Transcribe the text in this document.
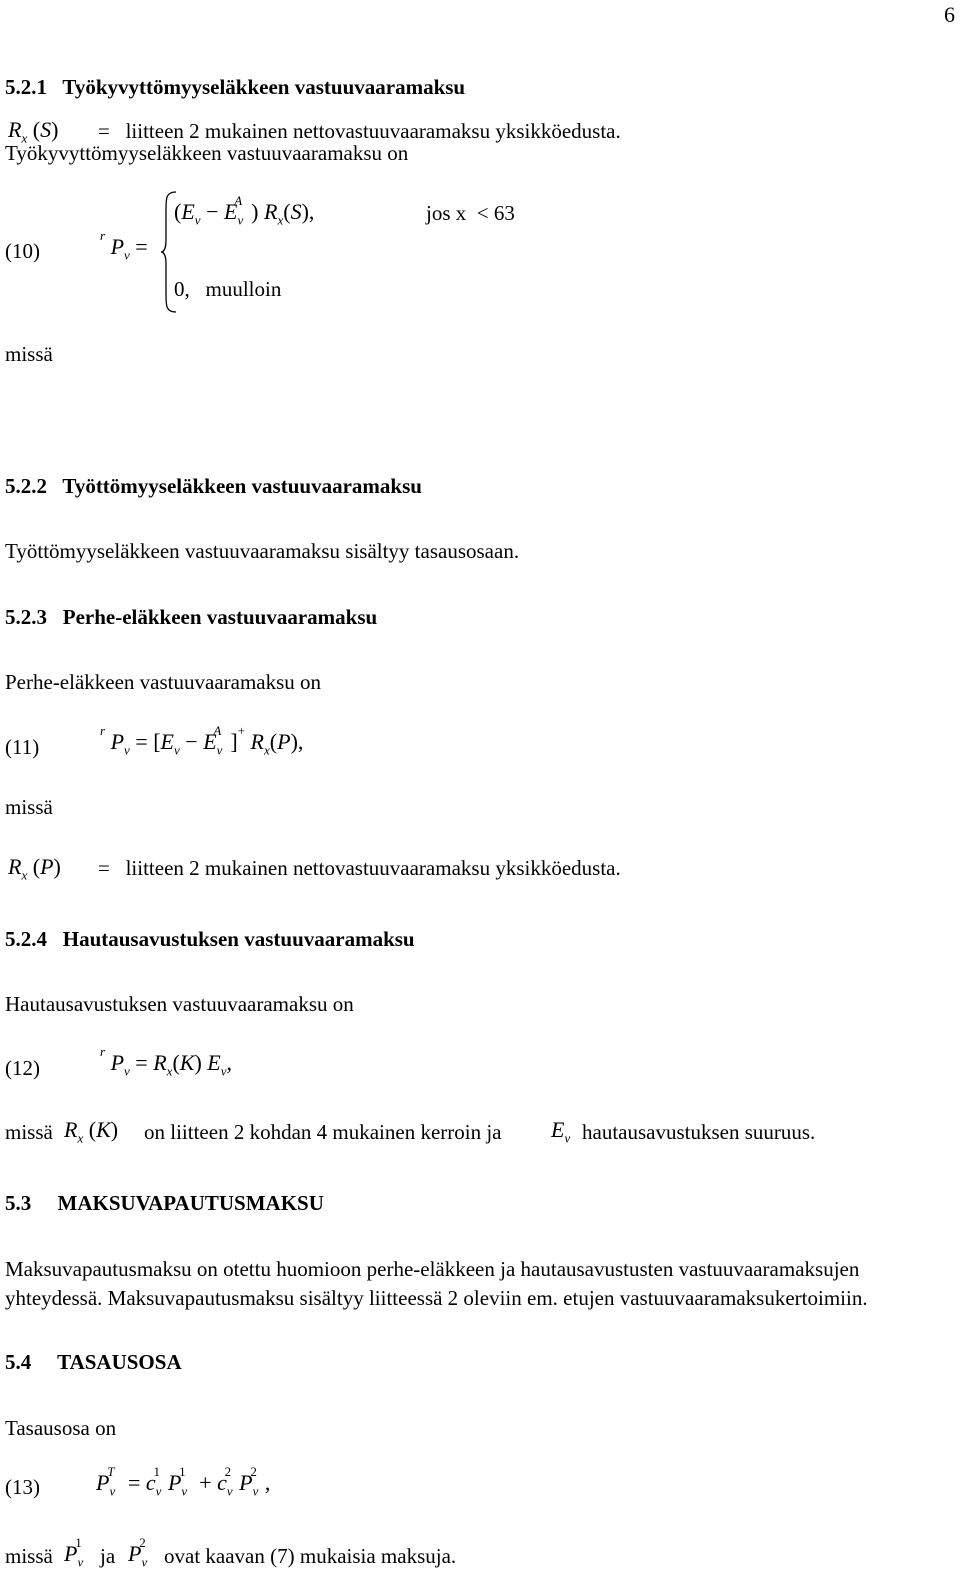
6
5.2.1   Työkyvyttömyyseläkkeen vastuuvaaramaksu
Työkyvyttömyyseläkkeen vastuuvaaramaksu on
(10)
$^r$ $P_v$ =
($E_v - E_v^A$ ) $R_x(S)$,	jos x  < 63
0,   muulloin
missä
$R_x$ (S) =   liitteen 2 mukainen nettovastuuvaaramaksu yksikköedusta.
5.2.2   Työttömyyseläkkeen vastuuvaaramaksu
Työttömyyseläkkeen vastuuvaaramaksu sisältyy tasausosaan.
5.2.3   Perhe-eläkkeen vastuuvaaramaksu
Perhe-eläkkeen vastuuvaaramaksu on
(11)
$^r$ $P_v = [E_v - E_v^A$ ]+ $R_x(P)$,
missä
$R_x$ (P) =   liitteen 2 mukainen nettovastuuvaaramaksu yksikköedusta.
5.2.4   Hautausavustuksen vastuuvaaramaksu
Hautausavustuksen vastuuvaaramaksu on
(12)
$^r$ $P_v = R_x(K)$ $E_v$,
missä $R_x$ (K) on liitteen 2 kohdan 4 mukainen kerroin ja $E_v$ hautausavustuksen suuruus.
5.3     MAKSUVAPAUTUSMAKSU
Maksuvapautusmaksu on otettu huomioon perhe-eläkkeen ja hautausavustusten vastuuvaaramaksujen
yhteydessä. Maksuvapautusmaksu sisältyy liitteessä 2 oleviin em. etujen vastuuvaaramaksukertoimiin.
5.4     TASAUSOSA
Tasausosa on
(13)	$P_v^T = c_v^1$ $P_v^1 + c_v^2$ $P_v^2$ ,
missä $P_v^1$
ja $P_v^2$
ovat kaavan (7) mukaisia maksuja.
